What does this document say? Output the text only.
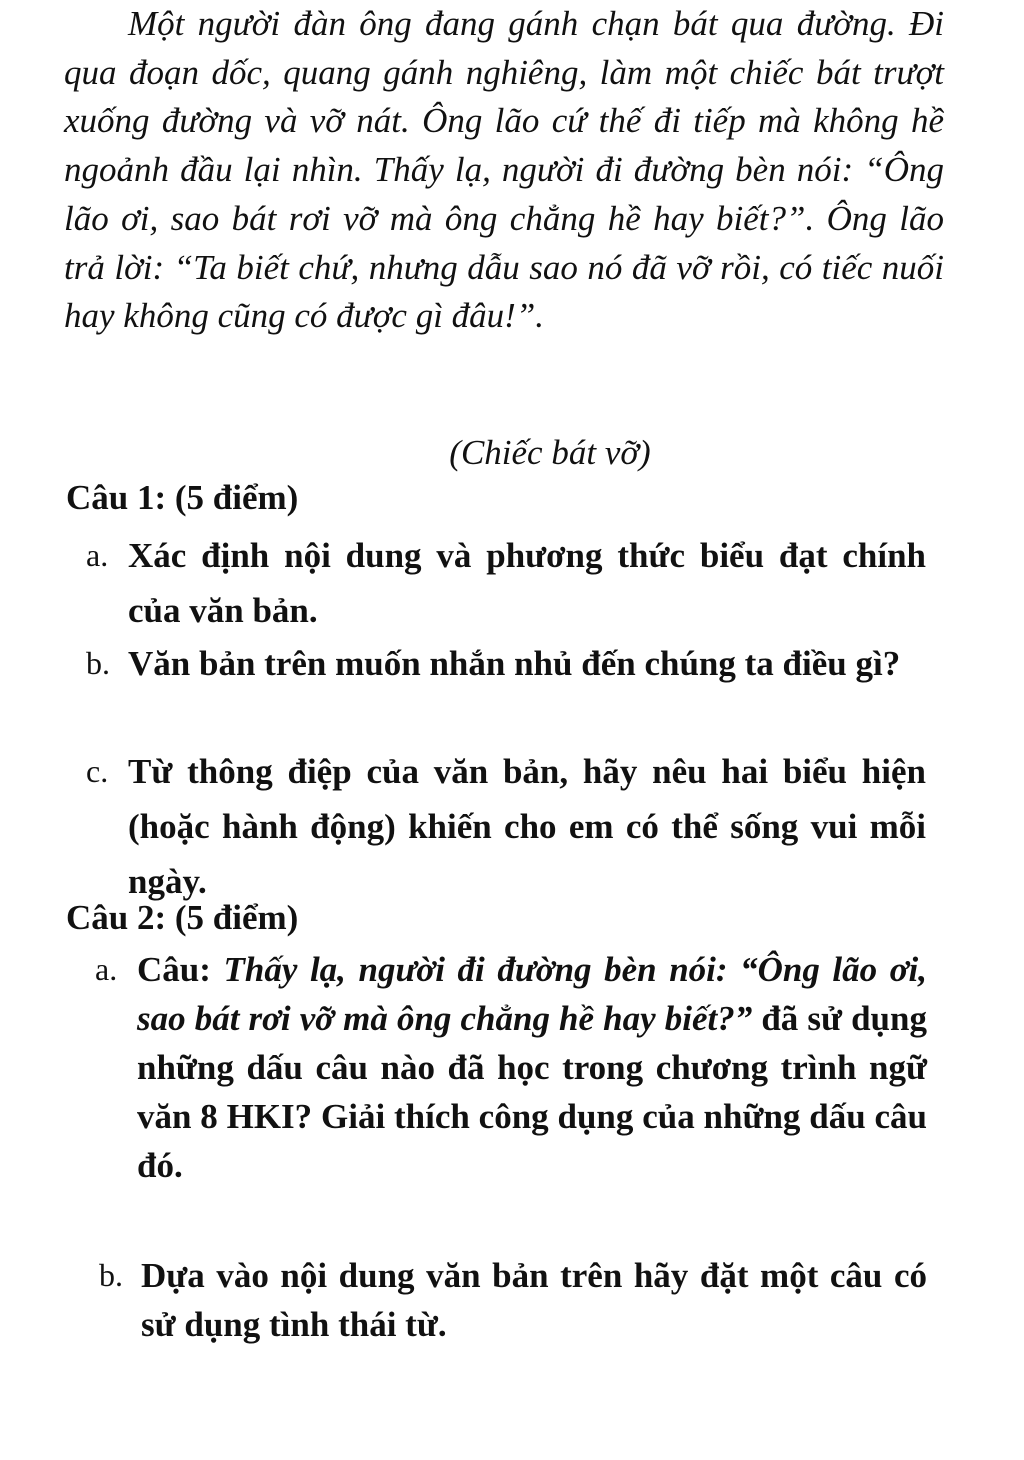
Một người đàn ông đang gánh chạn bát qua đường. Đi qua đoạn dốc, quang gánh nghiêng, làm một chiếc bát trượt xuống đường và vỡ nát. Ông lão cứ thế đi tiếp mà không hề ngoảnh đầu lại nhìn. Thấy lạ, người đi đường bèn nói: “Ông lão ơi, sao bát rơi vỡ mà ông chẳng hề hay biết?”. Ông lão trả lời: “Ta biết chứ, nhưng dẫu sao nó đã vỡ rồi, có tiếc nuối hay không cũng có được gì đâu!”.

(Chiếc bát vỡ)

Câu 1: (5 điểm)

a. Xác định nội dung và phương thức biểu đạt chính của văn bản.
b. Văn bản trên muốn nhắn nhủ đến chúng ta điều gì?
c. Từ thông điệp của văn bản, hãy nêu hai biểu hiện (hoặc hành động) khiến cho em có thể sống vui mỗi ngày.

Câu 2: (5 điểm)

a. Câu: Thấy lạ, người đi đường bèn nói: “Ông lão ơi, sao bát rơi vỡ mà ông chẳng hề hay biết?” đã sử dụng những dấu câu nào đã học trong chương trình ngữ văn 8 HKI? Giải thích công dụng của những dấu câu đó.
b. Dựa vào nội dung văn bản trên hãy đặt một câu có sử dụng tình thái từ.
